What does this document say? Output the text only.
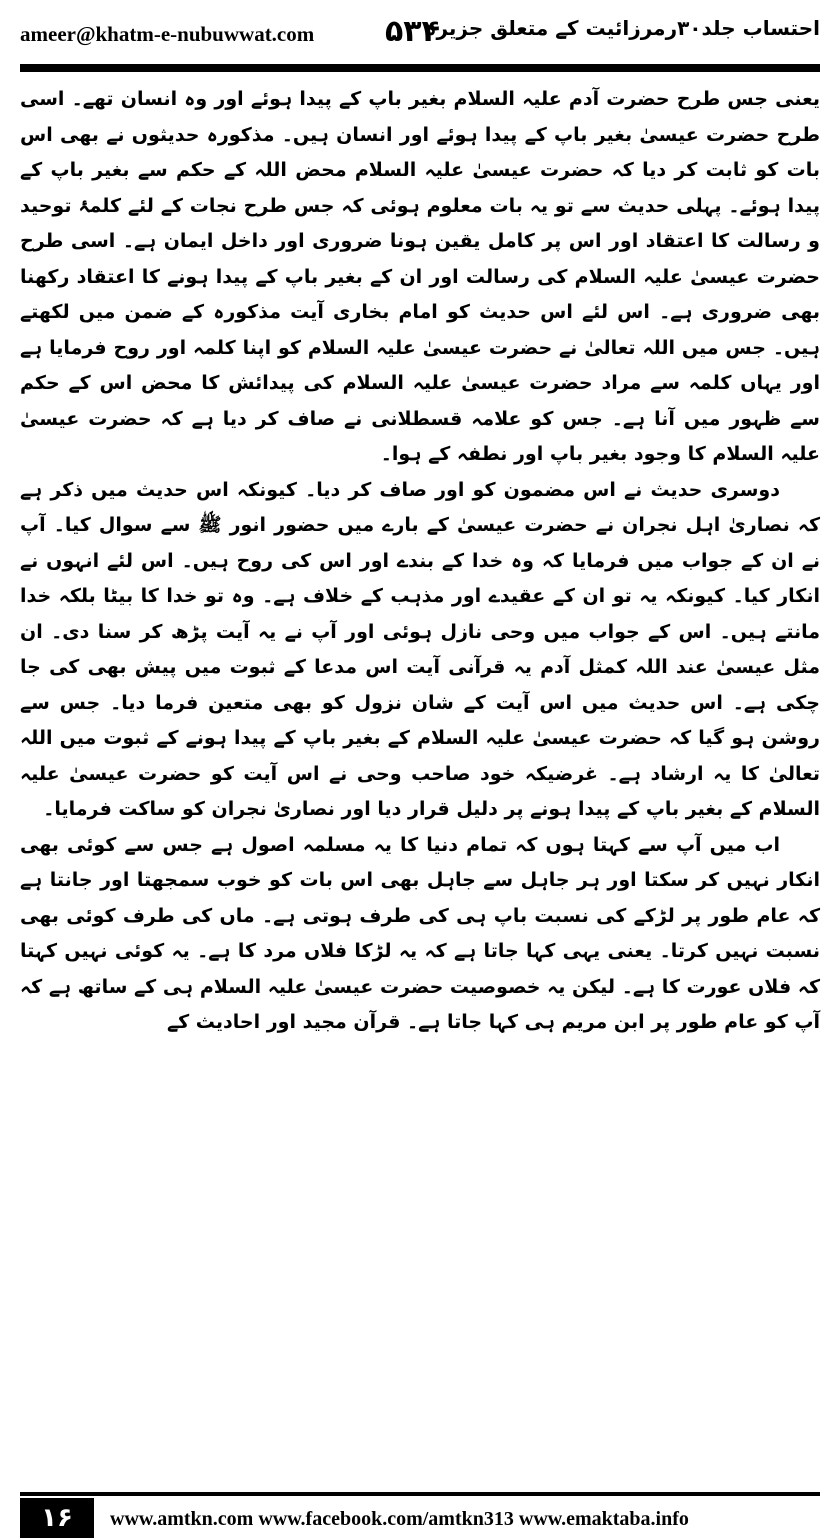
ameer@khatm-e-nubuwwat.com ۵۳۴
احتساب جلد۳۰رمرزائیت کے متعلق جزیرہ

یعنی جس طرح حضرت آدم علیہ السلام بغیر باپ کے پیدا ہوئے اور وہ انسان تھے۔ اسی طرح حضرت عیسیٰ بغیر باپ کے پیدا ہوئے اور انسان ہیں۔ مذکورہ حدیثوں نے بھی اس بات کو ثابت کر دیا کہ حضرت عیسیٰ علیہ السلام محض اللہ کے حکم سے بغیر باپ کے پیدا ہوئے۔ پہلی حدیث سے تو یہ بات معلوم ہوئی کہ جس طرح نجات کے لئے کلمۂ توحید و رسالت کا اعتقاد اور اس پر کامل یقین ہونا ضروری اور داخل ایمان ہے۔ اسی طرح حضرت عیسیٰ علیہ السلام کی رسالت اور ان کے بغیر باپ کے پیدا ہونے کا اعتقاد رکھنا بھی ضروری ہے۔ اس لئے اس حدیث کو امام بخاری آیت مذکورہ کے ضمن میں لکھتے ہیں۔ جس میں اللہ تعالیٰ نے حضرت عیسیٰ علیہ السلام کو اپنا کلمہ اور روح فرمایا ہے اور یہاں کلمہ سے مراد حضرت عیسیٰ علیہ السلام کی پیدائش کا محض اس کے حکم سے ظہور میں آنا ہے۔ جس کو علامہ قسطلانی نے صاف کر دیا ہے کہ حضرت عیسیٰ علیہ السلام کا وجود بغیر باپ اور نطفہ کے ہوا۔

دوسری حدیث نے اس مضمون کو اور صاف کر دیا۔ کیونکہ اس حدیث میں ذکر ہے کہ نصاریٰ اہل نجران نے حضرت عیسیٰ کے بارے میں حضور انور ﷺ سے سوال کیا۔ آپ نے ان کے جواب میں فرمایا کہ وہ خدا کے بندے اور اس کی روح ہیں۔ اس لئے انہوں نے انکار کیا۔ کیونکہ یہ تو ان کے عقیدے اور مذہب کے خلاف ہے۔ وہ تو خدا کا بیٹا بلکہ خدا مانتے ہیں۔ اس کے جواب میں وحی نازل ہوئی اور آپ نے یہ آیت پڑھ کر سنا دی۔ ان مثل عیسیٰ عند اللہ کمثل آدم یہ قرآنی آیت اس مدعا کے ثبوت میں پیش بھی کی جا چکی ہے۔ اس حدیث میں اس آیت کے شان نزول کو بھی متعین فرما دیا۔ جس سے روشن ہو گیا کہ حضرت عیسیٰ علیہ السلام کے بغیر باپ کے پیدا ہونے کے ثبوت میں اللہ تعالیٰ کا یہ ارشاد ہے۔ غرضیکہ خود صاحب وحی نے اس آیت کو حضرت عیسیٰ علیہ السلام کے بغیر باپ کے پیدا ہونے پر دلیل قرار دیا اور نصاریٰ نجران کو ساکت فرمایا۔

اب میں آپ سے کہتا ہوں کہ تمام دنیا کا یہ مسلمہ اصول ہے جس سے کوئی بھی انکار نہیں کر سکتا اور ہر جاہل سے جاہل بھی اس بات کو خوب سمجھتا اور جانتا ہے کہ عام طور پر لڑکے کی نسبت باپ ہی کی طرف ہوتی ہے۔ ماں کی طرف کوئی بھی نسبت نہیں کرتا۔ یعنی یہی کہا جاتا ہے کہ یہ لڑکا فلاں مرد کا ہے۔ یہ کوئی نہیں کہتا کہ فلاں عورت کا ہے۔ لیکن یہ خصوصیت حضرت عیسیٰ علیہ السلام ہی کے ساتھ ہے کہ آپ کو عام طور پر ابن مریم ہی کہا جاتا ہے۔ قرآن مجید اور احادیث کے

۱۶	www.amtkn.com www.facebook.com/amtkn313 www.emaktaba.info
